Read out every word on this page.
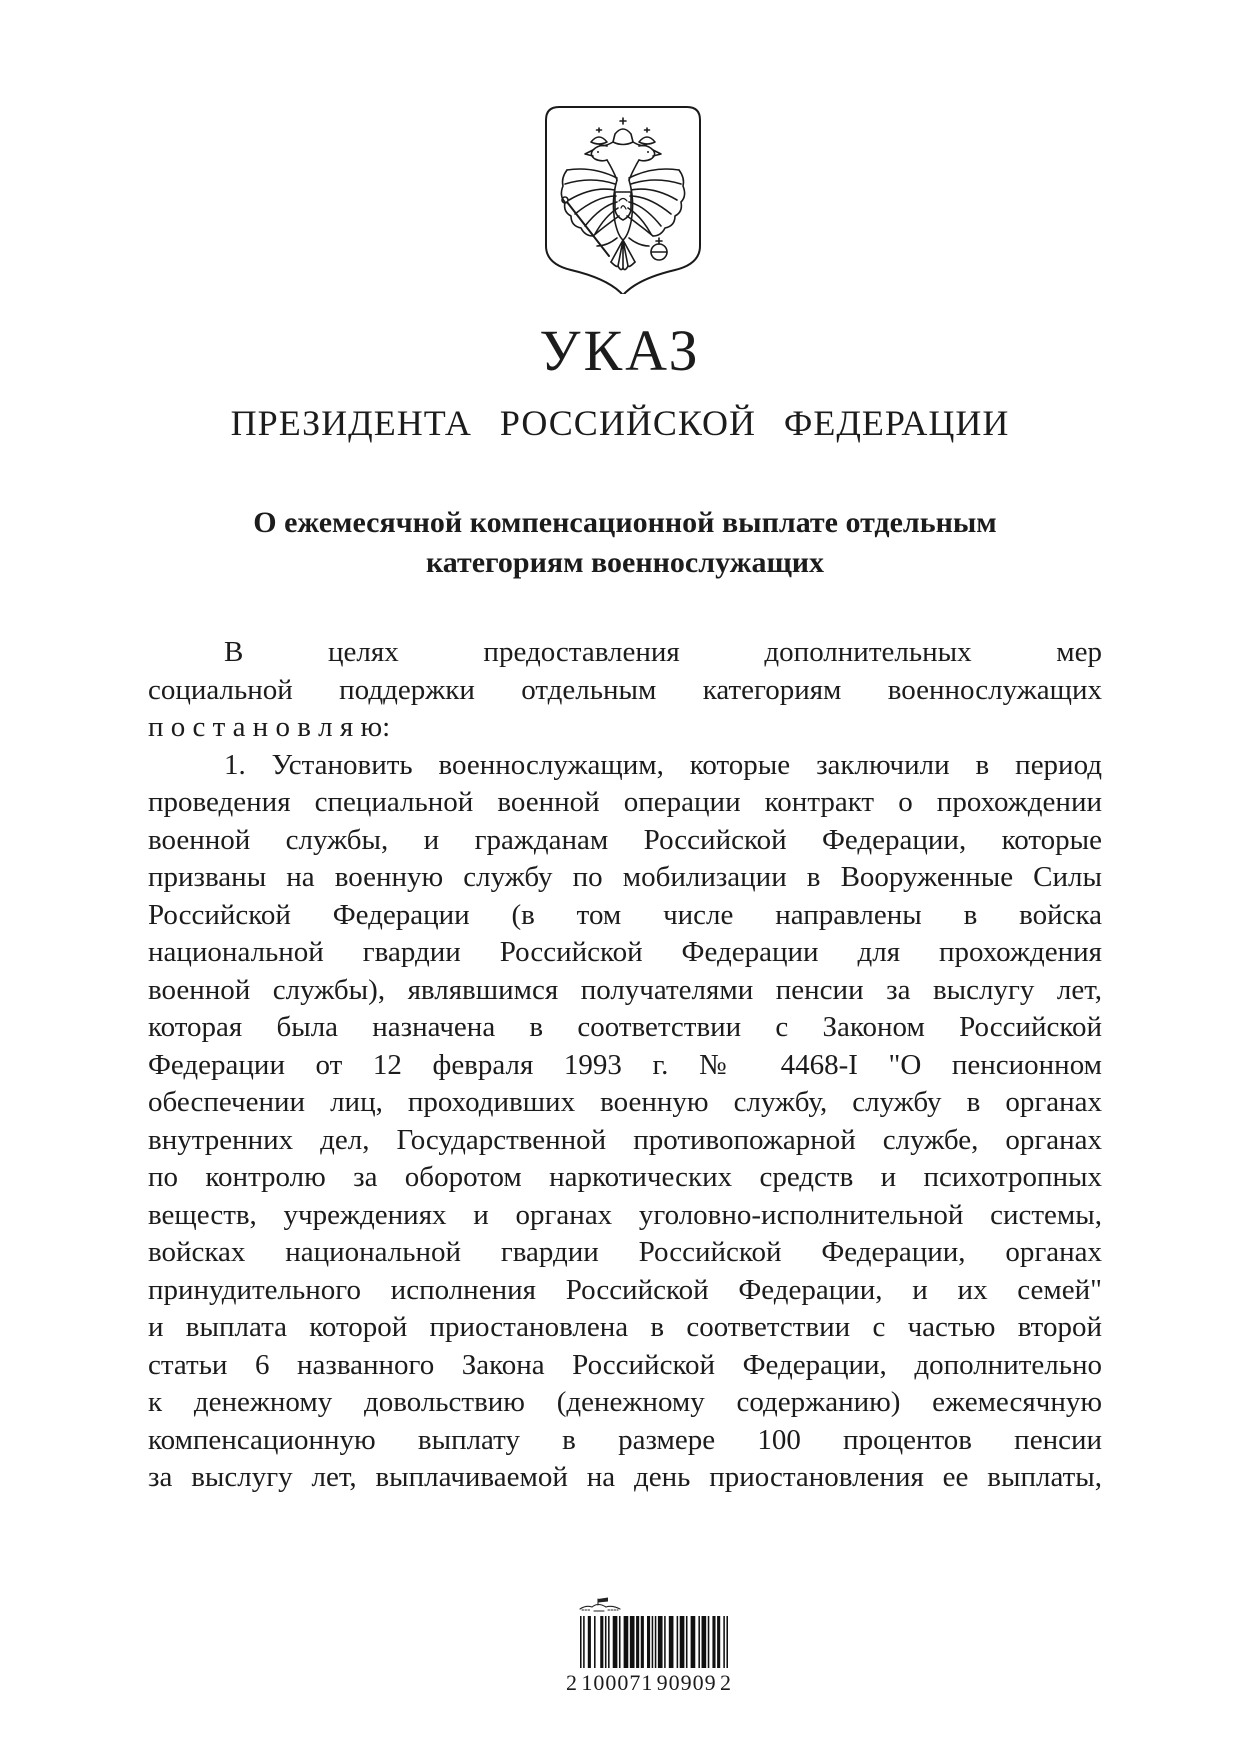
УКАЗ
ПРЕЗИДЕНТА РОССИЙСКОЙ ФЕДЕРАЦИИ
О ежемесячной компенсационной выплате отдельным
категориям военнослужащих
В целях предоставления дополнительных мер
социальной поддержки отдельным категориям военнослужащих
п о с т а н о в л я ю:
1. Установить военнослужащим, которые заключили в период
проведения специальной военной операции контракт о прохождении
военной службы, и гражданам Российской Федерации, которые
призваны на военную службу по мобилизации в Вооруженные Силы
Российской Федерации (в том числе направлены в войска
национальной гвардии Российской Федерации для прохождения
военной службы), являвшимся получателями пенсии за выслугу лет,
которая была назначена в соответствии с Законом Российской
Федерации от 12 февраля 1993 г. № 4468-I "О пенсионном
обеспечении лиц, проходивших военную службу, службу в органах
внутренних дел, Государственной противопожарной службе, органах
по контролю за оборотом наркотических средств и психотропных
веществ, учреждениях и органах уголовно-исполнительной системы,
войсках национальной гвардии Российской Федерации, органах
принудительного исполнения Российской Федерации, и их семей"
и выплата которой приостановлена в соответствии с частью второй
статьи 6 названного Закона Российской Федерации, дополнительно
к денежному довольствию (денежному содержанию) ежемесячную
компенсационную выплату в размере 100 процентов пенсии
за выслугу лет, выплачиваемой на день приостановления ее выплаты,
2 100071 90909 2
